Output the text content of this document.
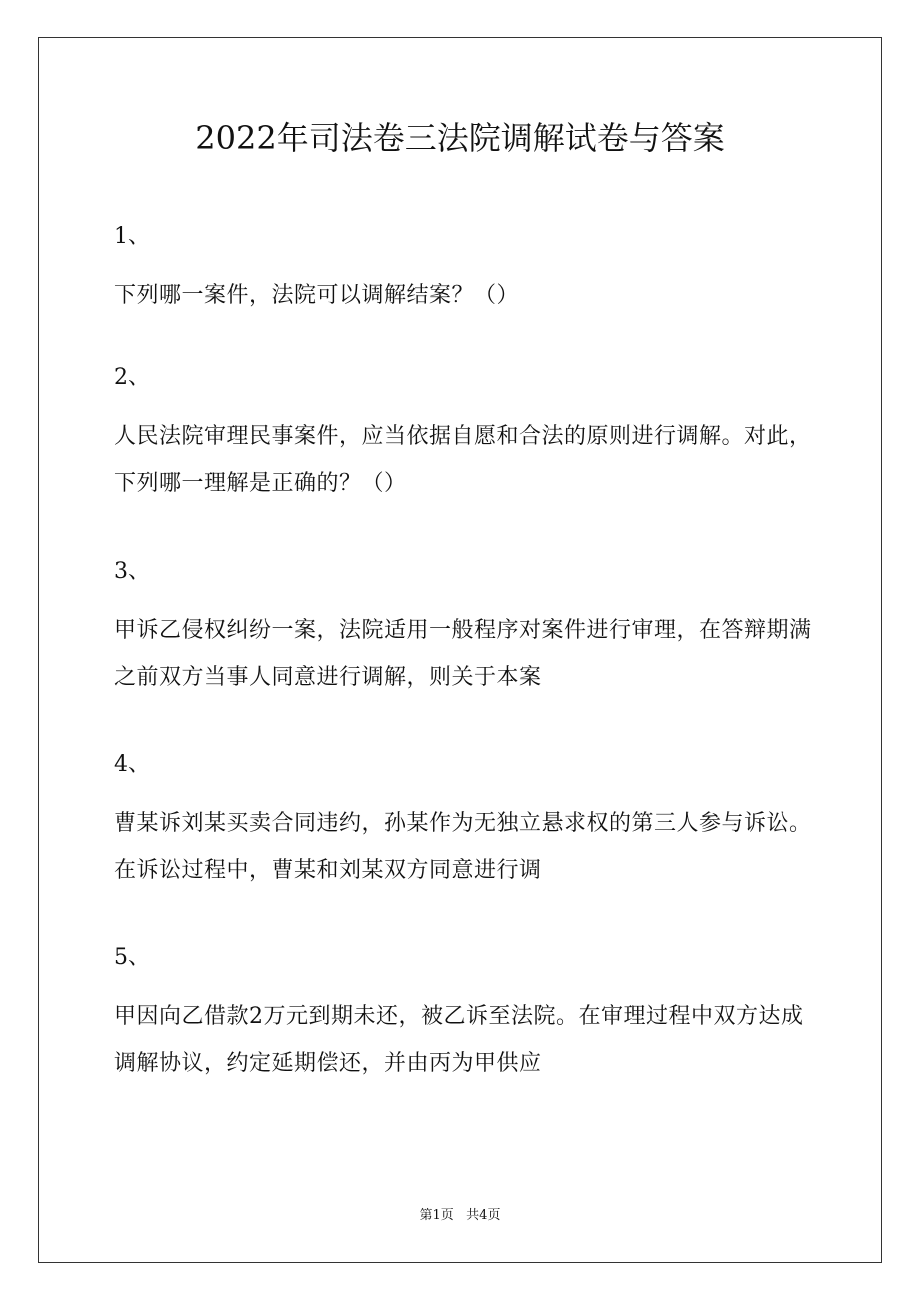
2022年司法卷三法院调解试卷与答案

1、

下列哪一案件，法院可以调解结案？（）

2、

人民法院审理民事案件，应当依据自愿和合法的原则进行调解。对此，下列哪一理解是正确的？（）

3、

甲诉乙侵权纠纷一案，法院适用一般程序对案件进行审理，在答辩期满之前双方当事人同意进行调解，则关于本案

4、

曹某诉刘某买卖合同违约，孙某作为无独立悬求权的第三人参与诉讼。在诉讼过程中，曹某和刘某双方同意进行调

5、

甲因向乙借款2万元到期未还，被乙诉至法院。在审理过程中双方达成调解协议，约定延期偿还，并由丙为甲供应

第1页   共4页
